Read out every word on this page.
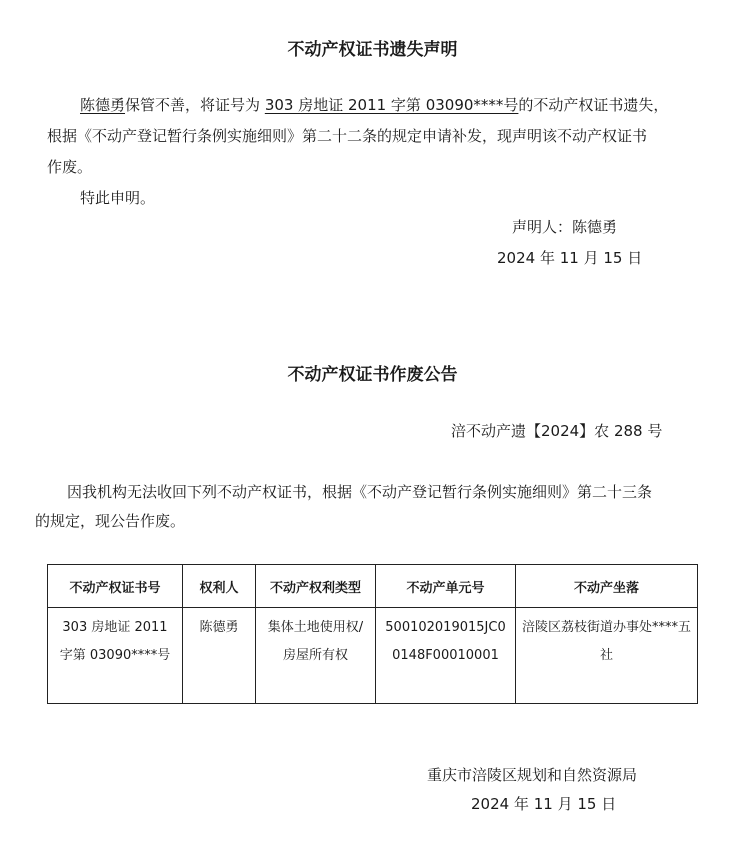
不动产权证书遗失声明
陈德勇保管不善，将证号为 303 房地证 2011 字第 03090****号的不动产权证书遗失，
根据《不动产登记暂行条例实施细则》第二十二条的规定申请补发，现声明该不动产权证书
作废。
特此申明。
声明人：陈德勇
2024 年 11 月 15 日
不动产权证书作废公告
涪不动产遗【2024】农 288 号
因我机构无法收回下列不动产权证书，根据《不动产登记暂行条例实施细则》第二十三条
的规定，现公告作废。
不动产权证书号	权利人	不动产权利类型	不动产单元号	不动产坐落
303 房地证 2011 字第 03090****号	陈德勇	集体土地使用权/房屋所有权	500102019015JC00148F00010001	涪陵区荔枝街道办事处****五社
重庆市涪陵区规划和自然资源局
2024 年 11 月 15 日
